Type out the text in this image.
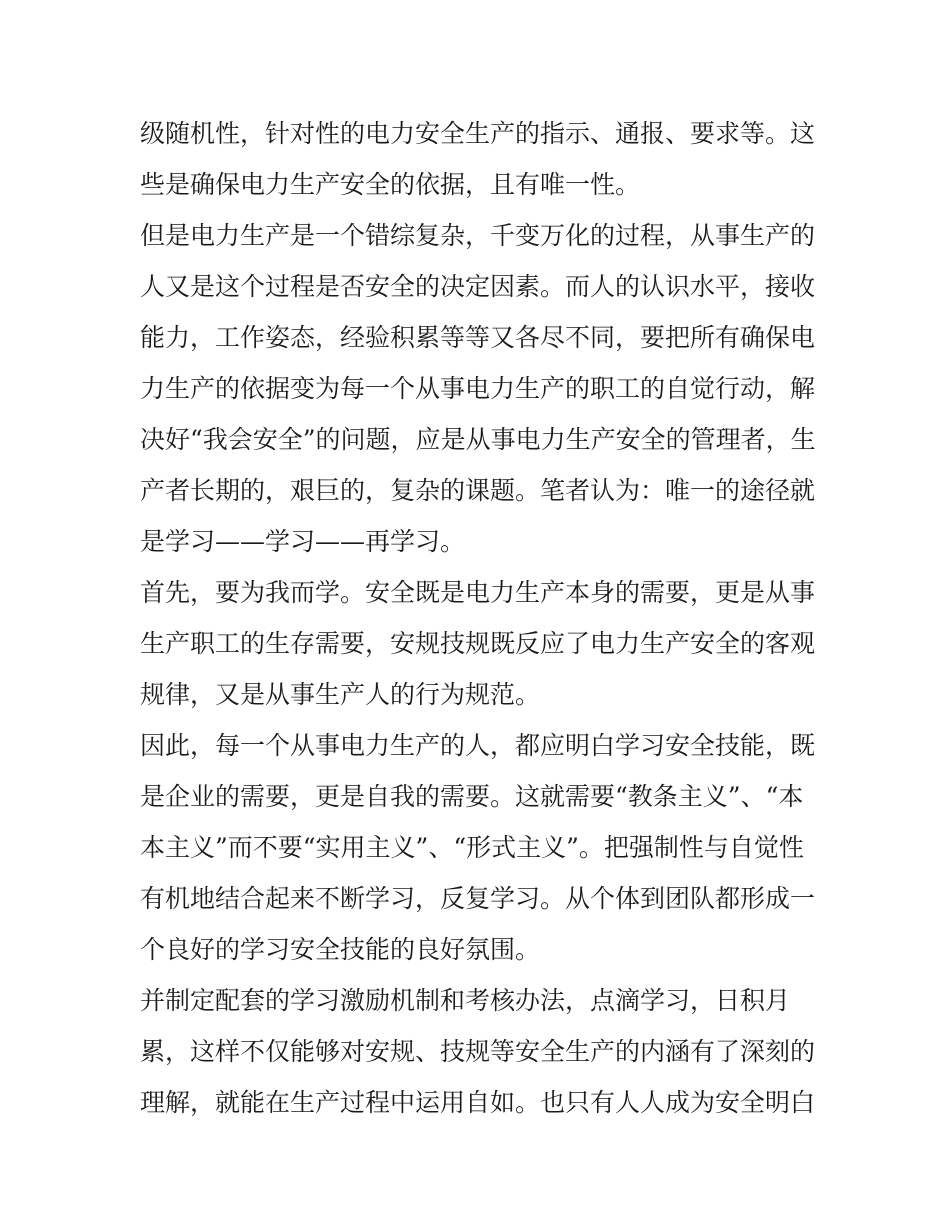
级随机性，针对性的电力安全生产的指示、通报、要求等。这
些是确保电力生产安全的依据，且有唯一性。
但是电力生产是一个错综复杂，千变万化的过程，从事生产的
人又是这个过程是否安全的决定因素。而人的认识水平，接收
能力，工作姿态，经验积累等等又各尽不同，要把所有确保电
力生产的依据变为每一个从事电力生产的职工的自觉行动，解
决好“我会安全”的问题，应是从事电力生产安全的管理者，生
产者长期的，艰巨的，复杂的课题。笔者认为：唯一的途径就
是学习——学习——再学习。
首先，要为我而学。安全既是电力生产本身的需要，更是从事
生产职工的生存需要，安规技规既反应了电力生产安全的客观
规律，又是从事生产人的行为规范。
因此，每一个从事电力生产的人，都应明白学习安全技能，既
是企业的需要，更是自我的需要。这就需要“教条主义”、“本
本主义”而不要“实用主义”、“形式主义”。把强制性与自觉性
有机地结合起来不断学习，反复学习。从个体到团队都形成一
个良好的学习安全技能的良好氛围。
并制定配套的学习激励机制和考核办法，点滴学习，日积月
累，这样不仅能够对安规、技规等安全生产的内涵有了深刻的
理解，就能在生产过程中运用自如。也只有人人成为安全明白
